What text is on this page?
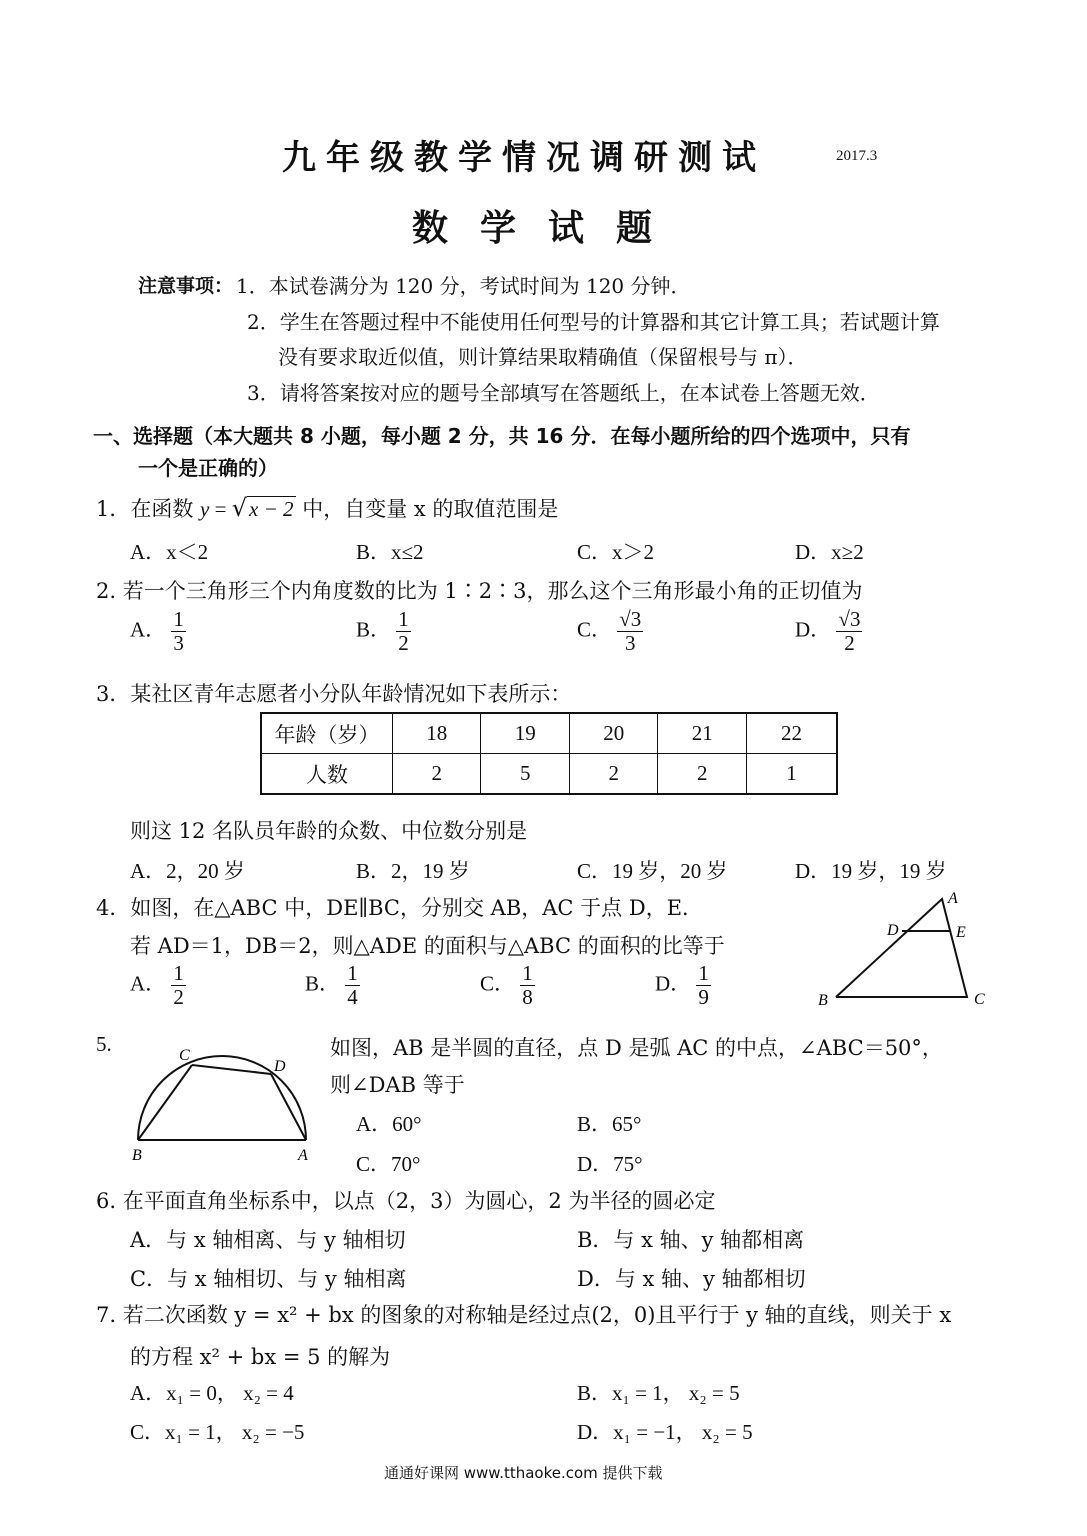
九年级教学情况调研测试	2017.3
数学试题
注意事项： 1．本试卷满分为 120 分，考试时间为 120 分钟．
2．学生在答题过程中不能使用任何型号的计算器和其它计算工具；若试题计算
没有要求取近似值，则计算结果取精确值（保留根号与 π）．
3．请将答案按对应的题号全部填写在答题纸上，在本试卷上答题无效．
一、选择题（本大题共 8 小题，每小题 2 分，共 16 分．在每小题所给的四个选项中，只有
一个是正确的）
1．在函数 y = √x − 2 中，自变量 x 的取值范围是
A．x＜2	B．x≤2	C．x＞2	D．x≥2
2. 若一个三角形三个内角度数的比为 1∶2∶3，那么这个三角形最小角的正切值为
A． $\frac{1}{3}$	B． $\frac{1}{2}$	C． $\frac{√3}{3}$	D． $\frac{√3}{2}$
3．某社区青年志愿者小分队年龄情况如下表所示：
年龄（岁）	18	19	20	21	22
人数	2	5	2	2	1
则这 12 名队员年龄的众数、中位数分别是
A．2，20 岁	B．2，19 岁	C．19 岁，20 岁	D．19 岁，19 岁
4．如图，在△ABC 中，DE∥BC，分别交 AB，AC 于点 D，E．
若 AD＝1，DB＝2，则△ADE 的面积与△ABC 的面积的比等于
A． $\frac{1}{2}$	B． $\frac{1}{4}$	C． $\frac{1}{8}$	D． $\frac{1}{9}$
A
D	E
B	C
5.	C
D
B	A
如图，AB 是半圆的直径，点 D 是弧 AC 的中点，∠ABC＝50°，
则∠DAB 等于
A．60°	B．65°
C．70°	D．75°
6. 在平面直角坐标系中，以点（2，3）为圆心，2 为半径的圆必定
A．与 x 轴相离、与 y 轴相切	B．与 x 轴、y 轴都相离
C．与 x 轴相切、与 y 轴相离	D．与 x 轴、y 轴都相切
7. 若二次函数 y = x² + bx 的图象的对称轴是经过点(2，0)且平行于 y 轴的直线，则关于 x
的方程 x² + bx = 5 的解为
A．x₁ = 0， x₂ = 4	B．x₁ = 1， x₂ = 5
C．x₁ = 1， x₂ = −5	D．x₁ = −1， x₂ = 5
通通好课网 www.tthaoke.com 提供下载
